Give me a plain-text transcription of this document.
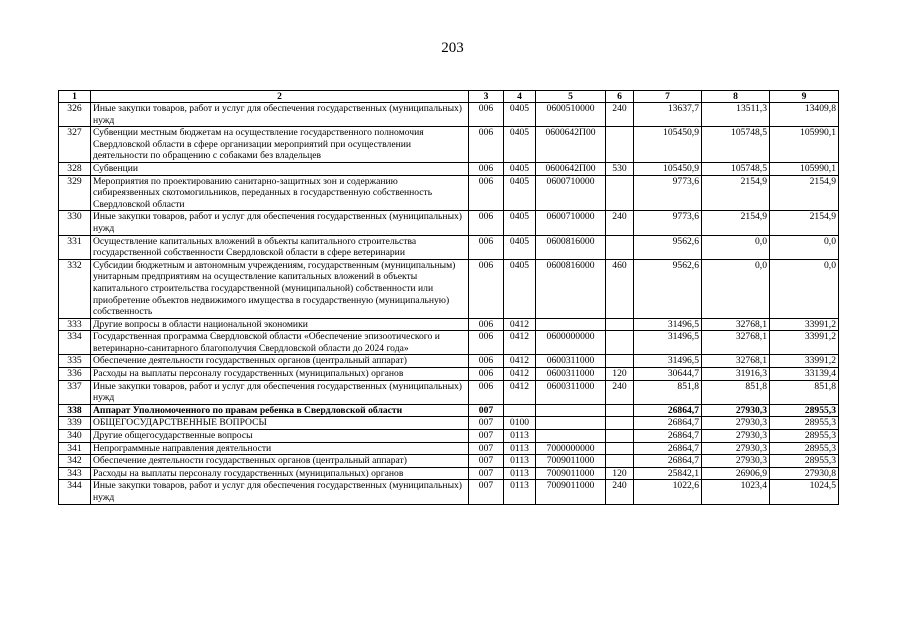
203
1	2	3	4	5	6	7	8	9
326	Иные закупки товаров, работ и услуг для обеспечения государственных (муниципальных) нужд	006	0405	0600510000	240	13637,7	13511,3	13409,8
327	Субвенции местным бюджетам на осуществление государственного полномочия Свердловской области в сфере организации мероприятий при осуществлении деятельности по обращению с собаками без владельцев	006	0405	0600642П00		105450,9	105748,5	105990,1
328	Субвенции	006	0405	0600642П00	530	105450,9	105748,5	105990,1
329	Мероприятия по проектированию санитарно-защитных зон и содержанию сибиреязвенных скотомогильников, переданных в государственную собственность Свердловской области	006	0405	0600710000		9773,6	2154,9	2154,9
330	Иные закупки товаров, работ и услуг для обеспечения государственных (муниципальных) нужд	006	0405	0600710000	240	9773,6	2154,9	2154,9
331	Осуществление капитальных вложений в объекты капитального строительства государственной собственности Свердловской области в сфере ветеринарии	006	0405	0600816000		9562,6	0,0	0,0
332	Субсидии бюджетным и автономным учреждениям, государственным (муниципальным) унитарным предприятиям на осуществление капитальных вложений в объекты капитального строительства государственной (муниципальной) собственности или приобретение объектов недвижимого имущества в государственную (муниципальную) собственность	006	0405	0600816000	460	9562,6	0,0	0,0
333	Другие вопросы в области национальной экономики	006	0412			31496,5	32768,1	33991,2
334	Государственная программа Свердловской области «Обеспечение эпизоотического и ветеринарно-санитарного благополучия Свердловской области до 2024 года»	006	0412	0600000000		31496,5	32768,1	33991,2
335	Обеспечение деятельности государственных органов (центральный аппарат)	006	0412	0600311000		31496,5	32768,1	33991,2
336	Расходы на выплаты персоналу государственных (муниципальных) органов	006	0412	0600311000	120	30644,7	31916,3	33139,4
337	Иные закупки товаров, работ и услуг для обеспечения государственных (муниципальных) нужд	006	0412	0600311000	240	851,8	851,8	851,8
338	Аппарат Уполномоченного по правам ребенка в Свердловской области	007				26864,7	27930,3	28955,3
339	ОБЩЕГОСУДАРСТВЕННЫЕ ВОПРОСЫ	007	0100			26864,7	27930,3	28955,3
340	Другие общегосударственные вопросы	007	0113			26864,7	27930,3	28955,3
341	Непрограммные направления деятельности	007	0113	7000000000		26864,7	27930,3	28955,3
342	Обеспечение деятельности государственных органов (центральный аппарат)	007	0113	7009011000		26864,7	27930,3	28955,3
343	Расходы на выплаты персоналу государственных (муниципальных) органов	007	0113	7009011000	120	25842,1	26906,9	27930,8
344	Иные закупки товаров, работ и услуг для обеспечения государственных (муниципальных) нужд	007	0113	7009011000	240	1022,6	1023,4	1024,5
